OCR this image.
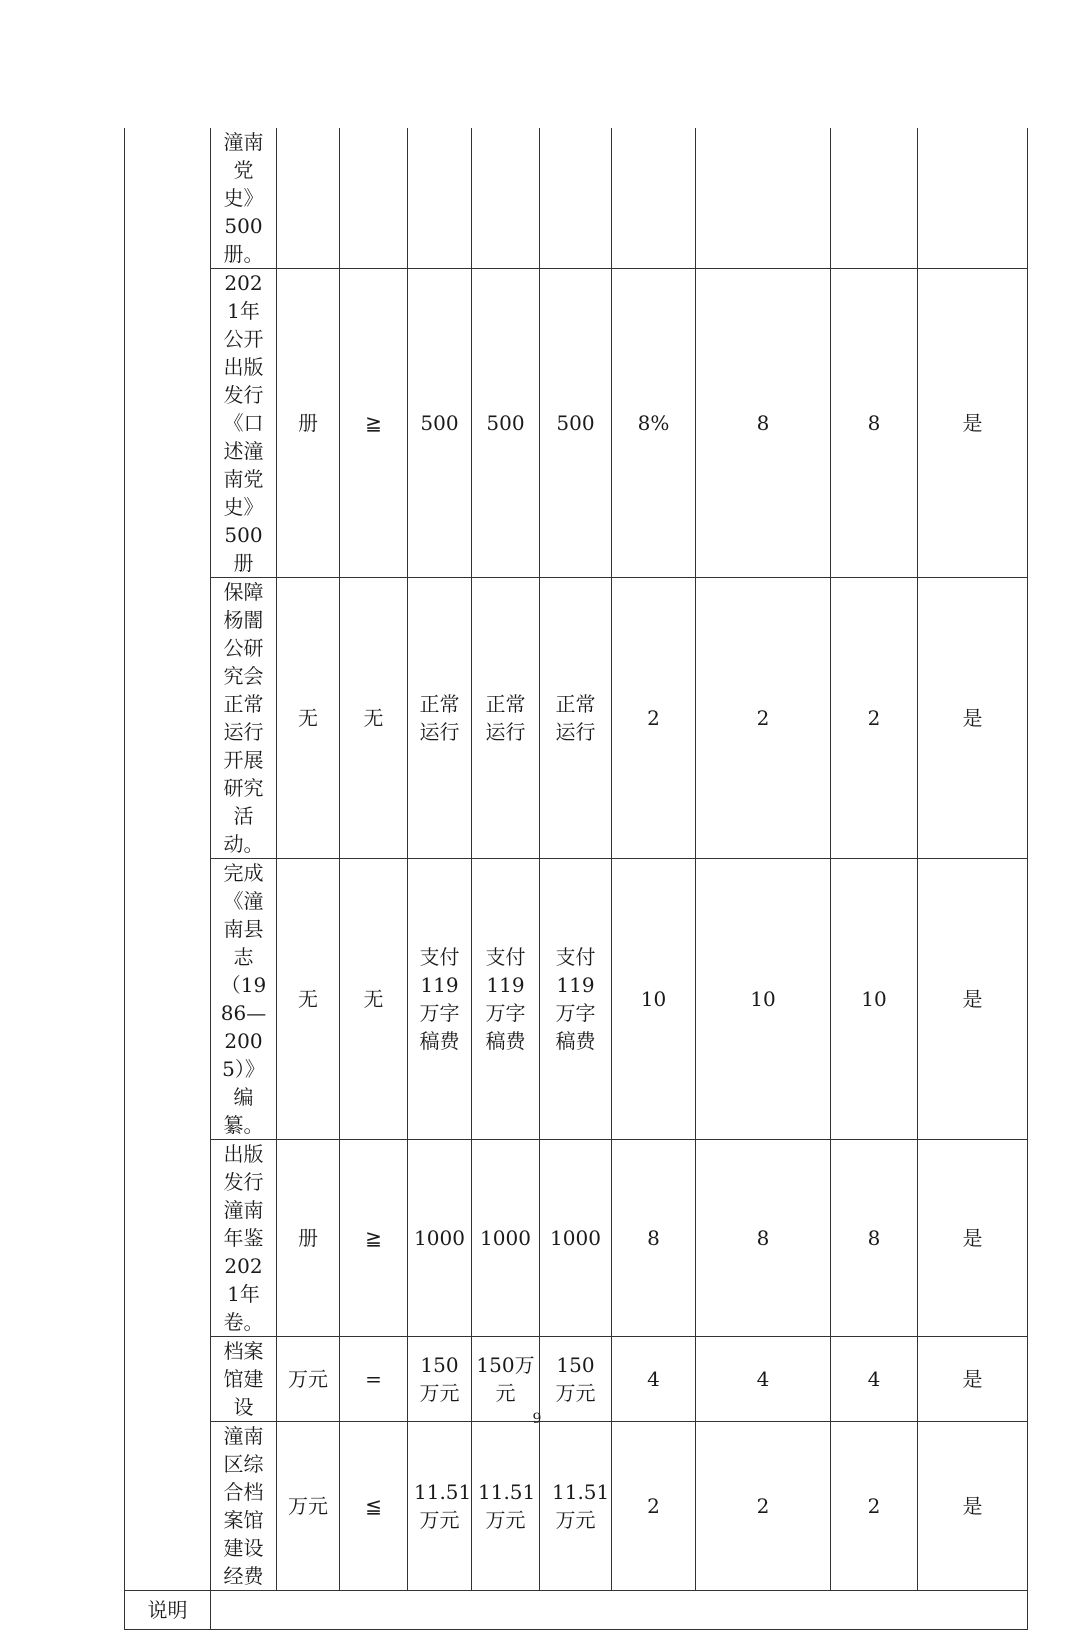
	潼南党史》500册。									
	2021年公开出版发行《口述潼南党史》500册	册	≧	500	500	500	8%	8	8	是
	保障杨闇公研究会正常运行开展研究活动。	无	无	正常运行	正常运行	正常运行	2	2	2	是
	完成《潼南县志（1986—2005）》编纂。	无	无	支付119万字稿费	支付119万字稿费	支付119万字稿费	10	10	10	是
	出版发行潼南年鉴2021年卷。	册	≧	1000	1000	1000	8	8	8	是
	档案馆建设	万元	=	150万元	150万元	150万元	4	4	4	是
	潼南区综合档案馆建设经费	万元	≦	11.51万元	11.51万元	11.51万元	2	2	2	是
说明										
9
